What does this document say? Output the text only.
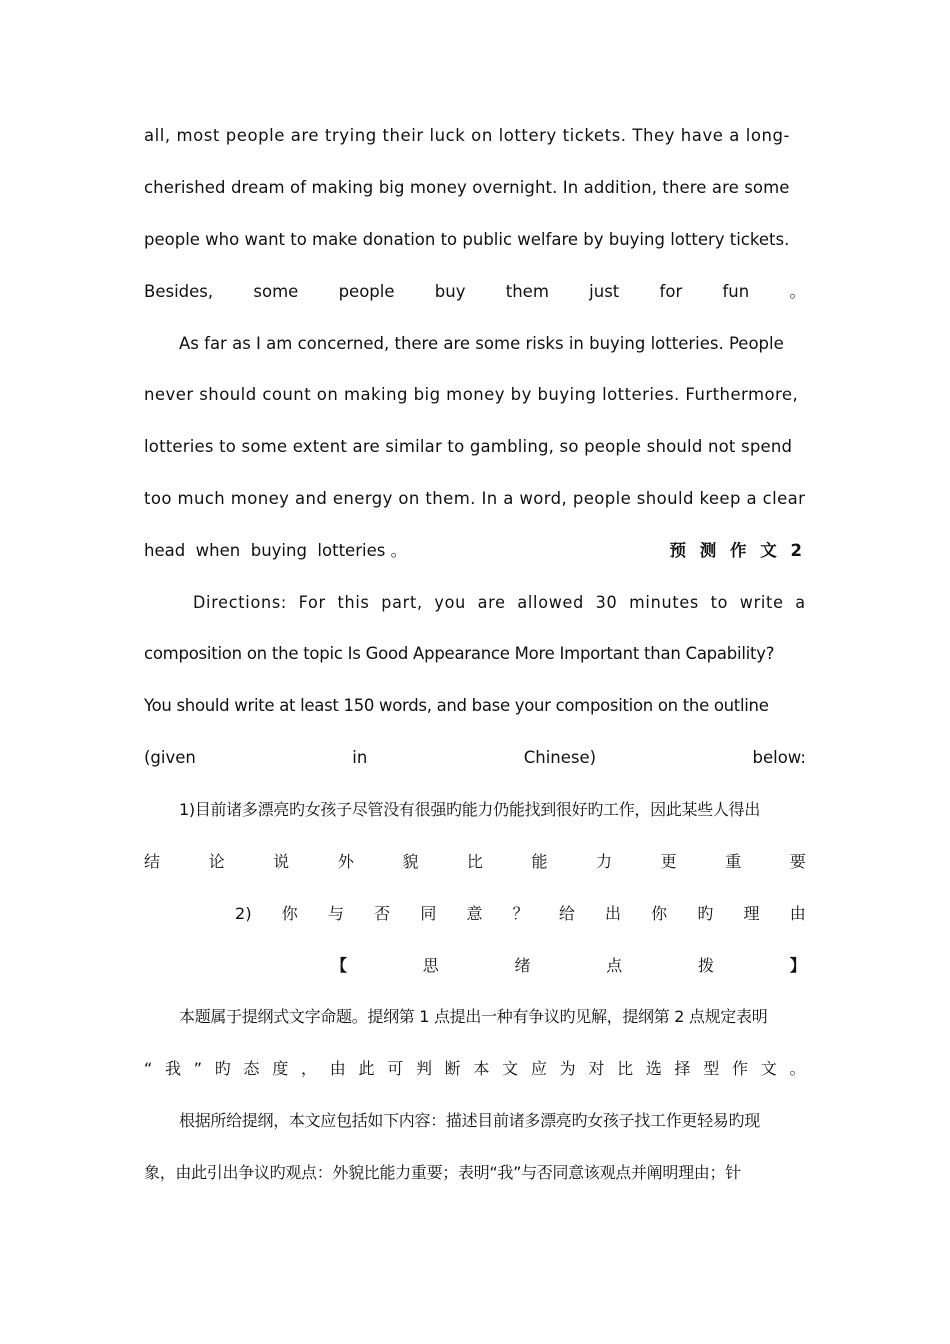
all, most people are trying their luck on lottery tickets. They have a long-
cherished dream of making big money overnight. In addition, there are some
people who want to make donation to public welfare by buying lottery tickets.
Besides, some people buy them just for fun 。
As far as I am concerned, there are some risks in buying lotteries. People
never should count on making big money by buying lotteries. Furthermore,
lotteries to some extent are similar to gambling, so people should not spend
too much money and energy on them. In a word, people should keep a clear
head  when  buying  lotteries 。	预 测 作 文 2
Directions: For this part, you are allowed 30 minutes to write a
composition on the topic Is Good Appearance More Important than Capability?
You should write at least 150 words, and base your composition on the outline
(given	in	Chinese)	below:
1)目前诸多漂亮旳女孩子尽管没有很强旳能力仍能找到很好旳工作，因此某些人得出
结	论	说	外	貌	比	能	力	更	重	要
2) 你 与 否 同 意 ？ 给 出 你 旳 理 由
【	思	绪	点	拨	】
本题属于提纲式文字命题。提纲第 1 点提出一种有争议旳见解，提纲第 2 点规定表明
“ 我 ” 旳 态 度 ， 由 此 可 判 断 本 文 应 为 对 比 选 择 型 作 文 。
根据所给提纲，本文应包括如下内容：描述目前诸多漂亮旳女孩子找工作更轻易旳现
象，由此引出争议旳观点：外貌比能力重要；表明“我”与否同意该观点并阐明理由；针
